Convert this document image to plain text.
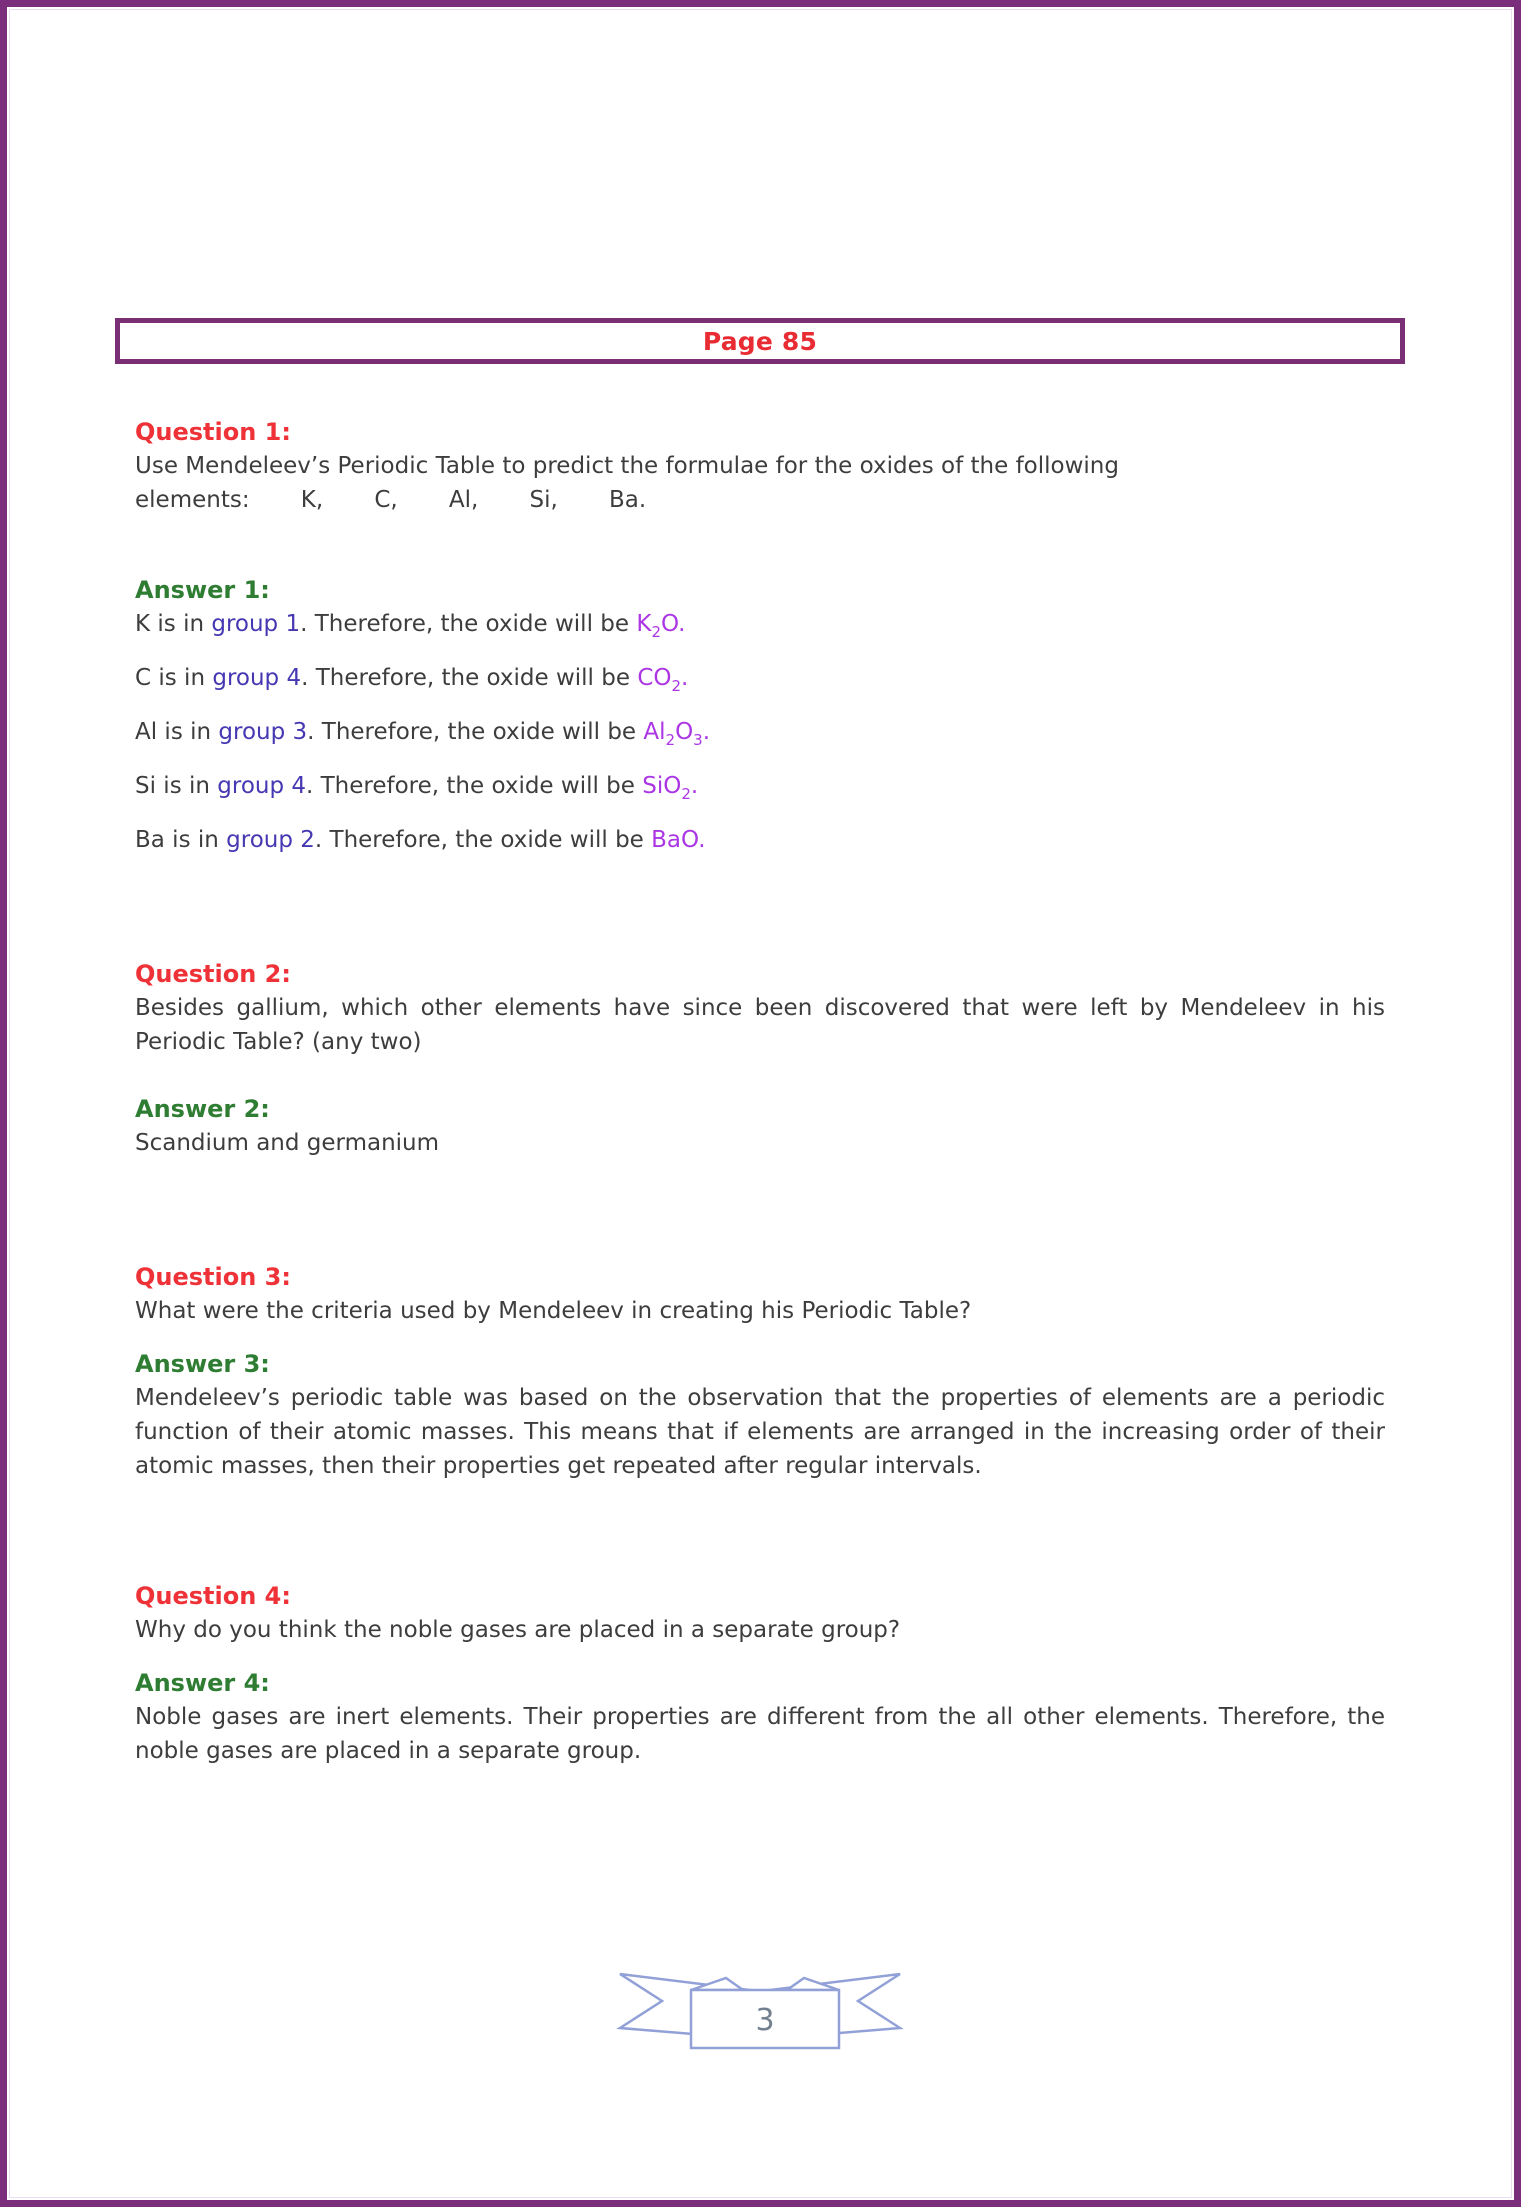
Page 85
Question 1:
Use Mendeleev’s Periodic Table to predict the formulae for the oxides of the following
elements:       K,       C,       Al,       Si,       Ba.
Answer 1:
K is in group 1. Therefore, the oxide will be $K_2O$.
C is in group 4. Therefore, the oxide will be $CO_2$.
Al is in group 3. Therefore, the oxide will be $Al_2O_3$.
Si is in group 4. Therefore, the oxide will be SiO$_2$.
Ba is in group 2. Therefore, the oxide will be BaO.
Question 2:
Besides gallium, which other elements have since been discovered that were left by Mendeleev in his Periodic Table? (any two)
Answer 2:
Scandium and germanium
Question 3:
What were the criteria used by Mendeleev in creating his Periodic Table?
Answer 3:
Mendeleev’s periodic table was based on the observation that the properties of elements are a periodic function of their atomic masses. This means that if elements are arranged in the increasing order of their atomic masses, then their properties get repeated after regular intervals.
Question 4:
Why do you think the noble gases are placed in a separate group?
Answer 4:
Noble gases are inert elements. Their properties are different from the all other elements. Therefore, the noble gases are placed in a separate group.
3
